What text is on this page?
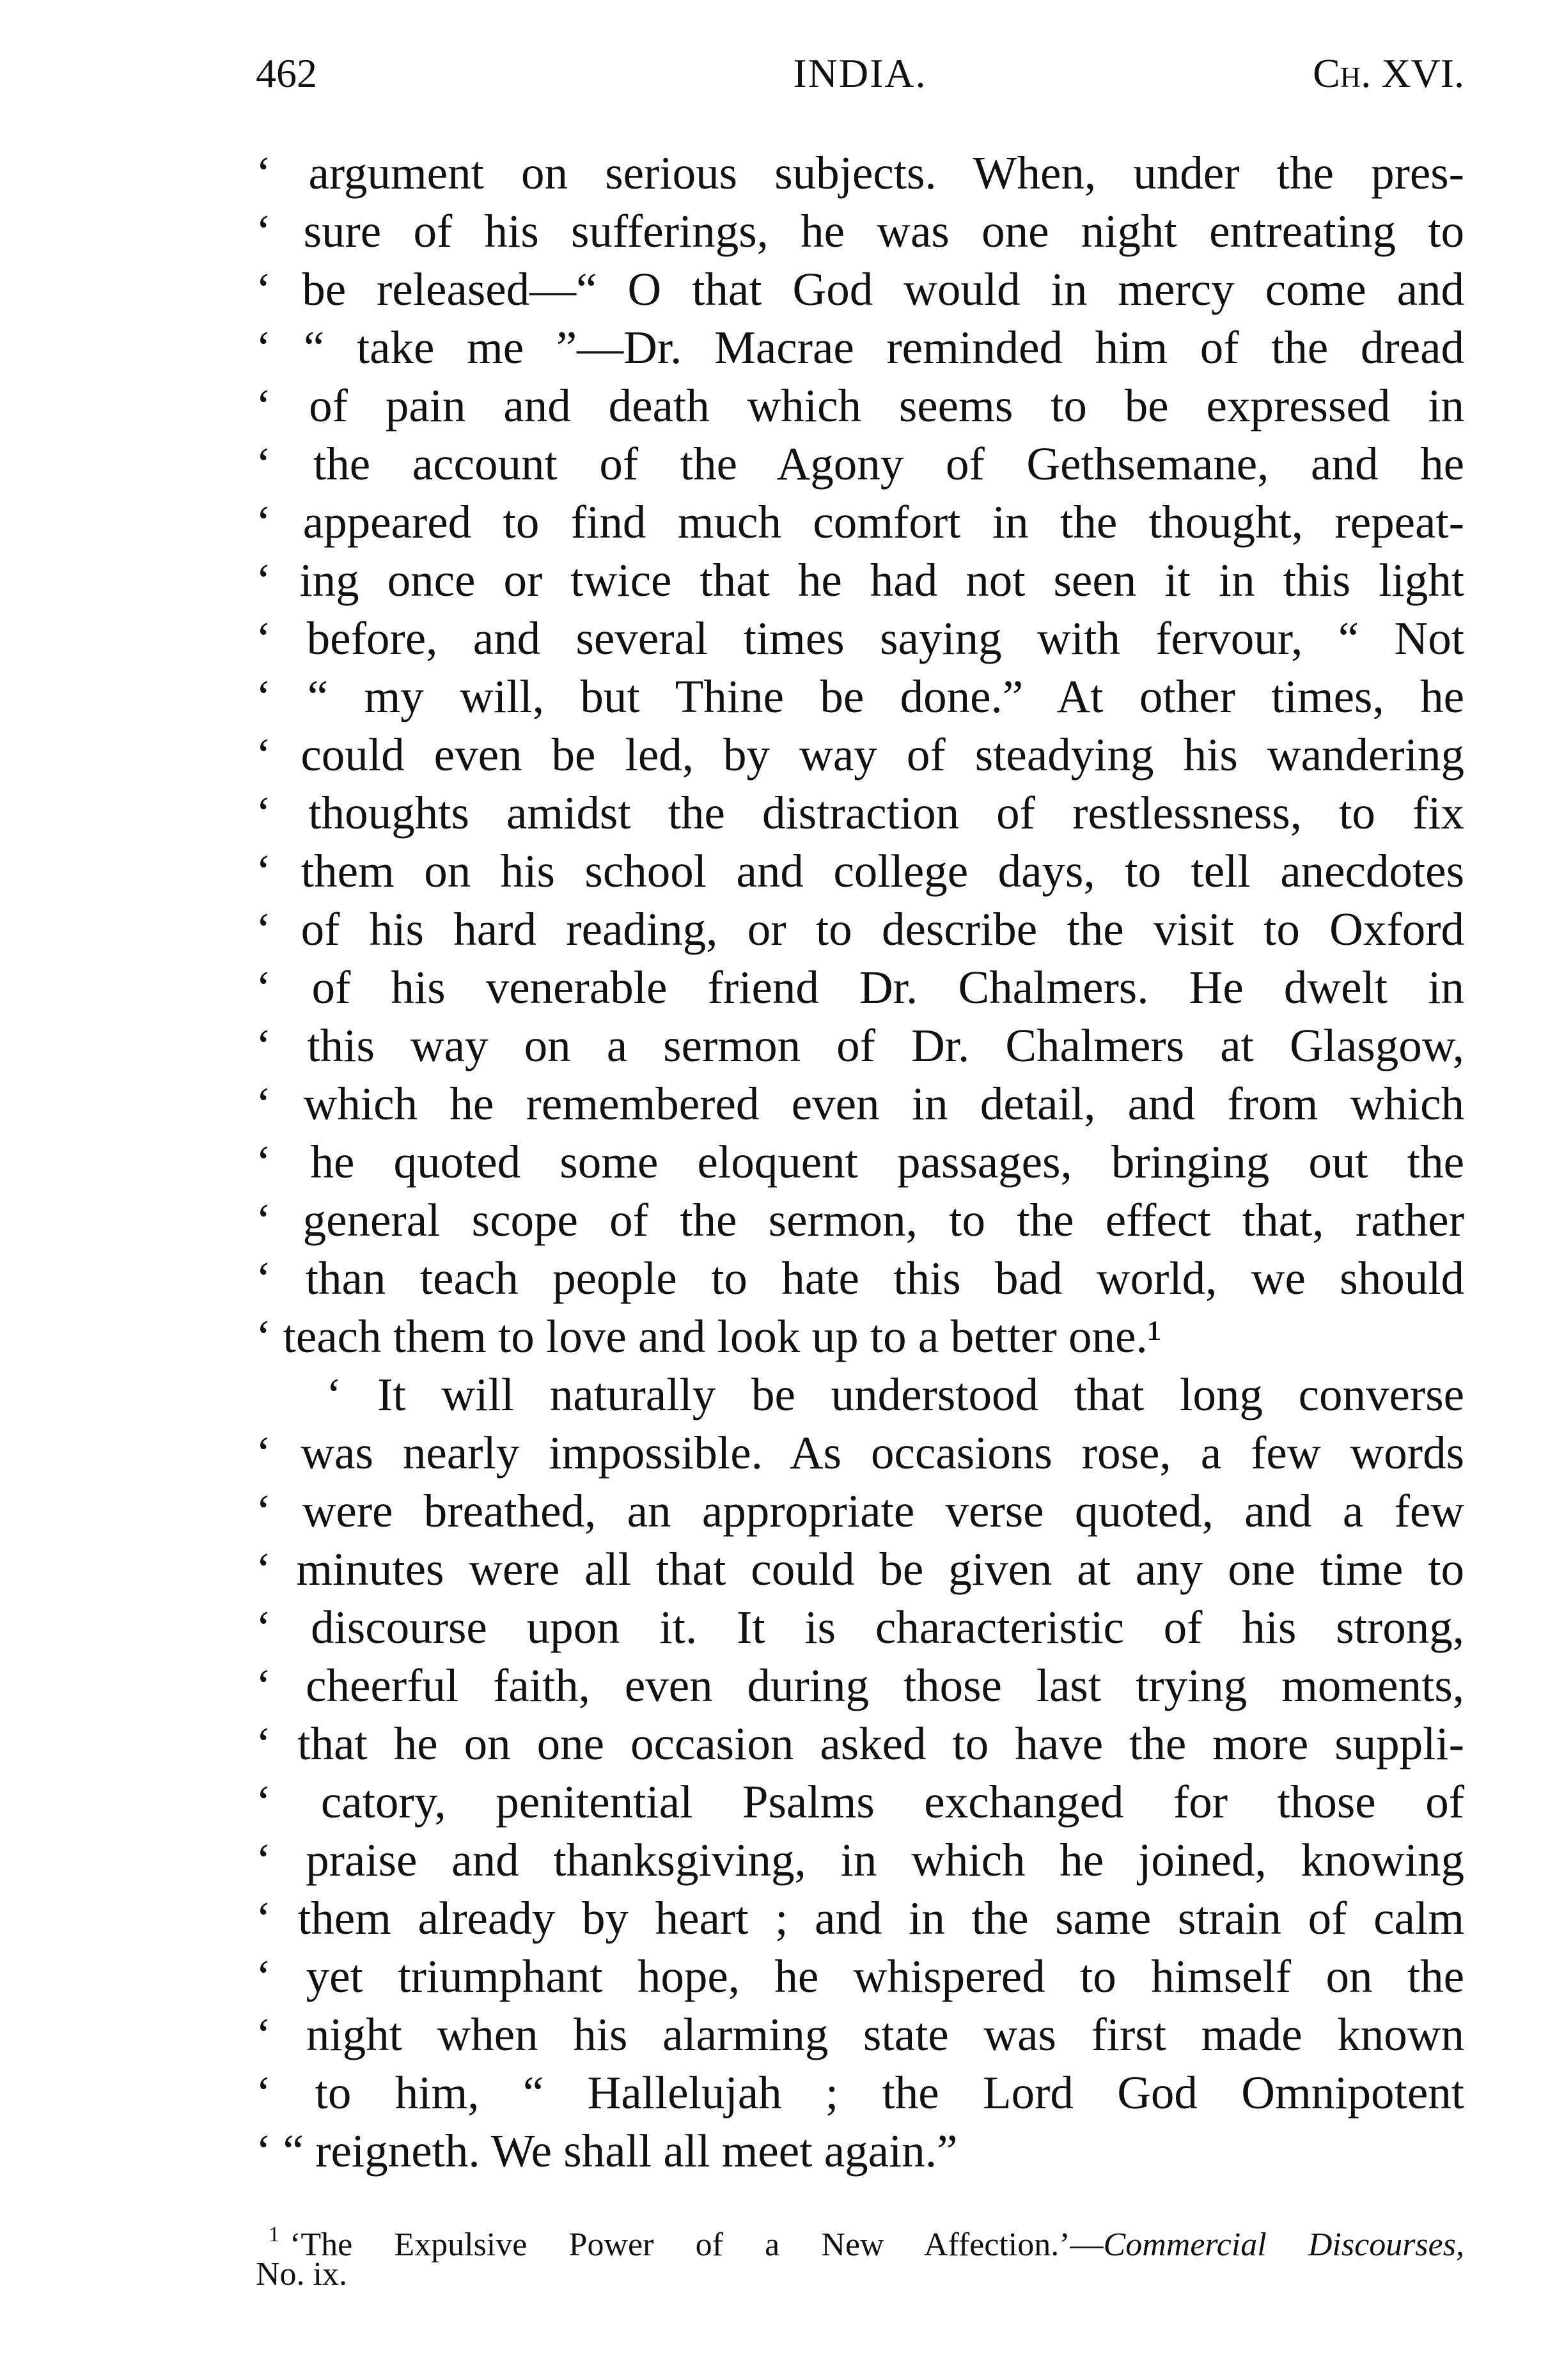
462	INDIA.	Ch. XVI.
‘ argument on serious subjects. When, under the pres-
‘ sure of his sufferings, he was one night entreating to
‘ be released—“ O that God would in mercy come and
‘ “ take me ”—Dr. Macrae reminded him of the dread
‘ of pain and death which seems to be expressed in
‘ the account of the Agony of Gethsemane, and he
‘ appeared to find much comfort in the thought, repeat-
‘ ing once or twice that he had not seen it in this light
‘ before, and several times saying with fervour, “ Not
‘ “ my will, but Thine be done.” At other times, he
‘ could even be led, by way of steadying his wandering
‘ thoughts amidst the distraction of restlessness, to fix
‘ them on his school and college days, to tell anecdotes
‘ of his hard reading, or to describe the visit to Oxford
‘ of his venerable friend Dr. Chalmers. He dwelt in
‘ this way on a sermon of Dr. Chalmers at Glasgow,
‘ which he remembered even in detail, and from which
‘ he quoted some eloquent passages, bringing out the
‘ general scope of the sermon, to the effect that, rather
‘ than teach people to hate this bad world, we should
‘ teach them to love and look up to a better one.¹
‘ It will naturally be understood that long converse
‘ was nearly impossible. As occasions rose, a few words
‘ were breathed, an appropriate verse quoted, and a few
‘ minutes were all that could be given at any one time to
‘ discourse upon it. It is characteristic of his strong,
‘ cheerful faith, even during those last trying moments,
‘ that he on one occasion asked to have the more suppli-
‘ catory, penitential Psalms exchanged for those of
‘ praise and thanksgiving, in which he joined, knowing
‘ them already by heart ; and in the same strain of calm
‘ yet triumphant hope, he whispered to himself on the
‘ night when his alarming state was first made known
‘ to him, “ Hallelujah ; the Lord God Omnipotent
‘ “ reigneth. We shall all meet again.”
$^1$ ‘The Expulsive Power of a New Affection.’—Commercial Discourses,
No. ix.
